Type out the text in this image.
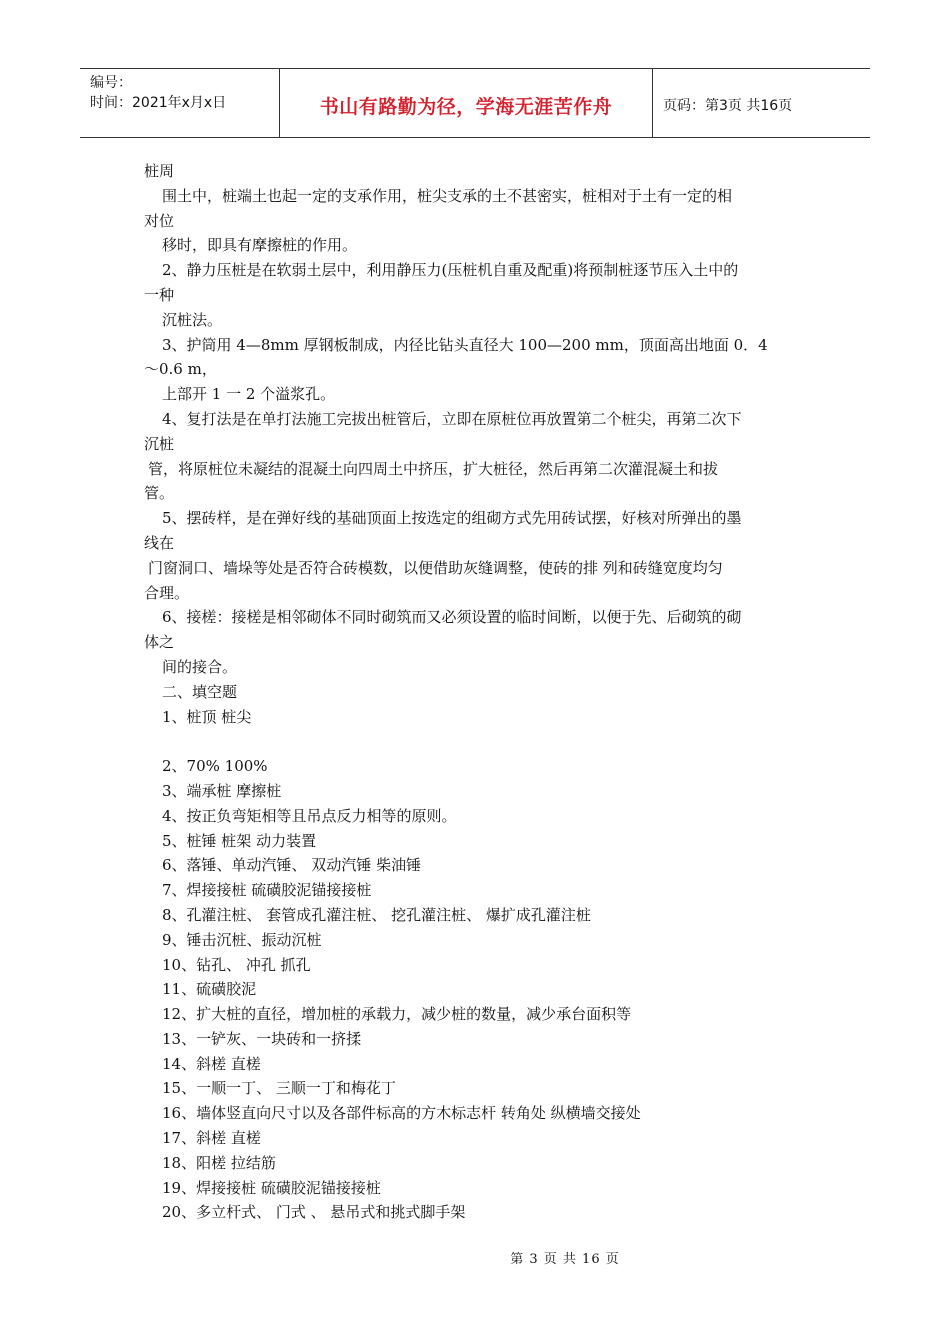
编号：
时间：2021年x月x日	书山有路勤为径，学海无涯苦作舟	页码：第3页 共16页
桩周
围土中，桩端土也起一定的支承作用，桩尖支承的土不甚密实，桩相对于土有一定的相
对位
移时，即具有摩擦桩的作用。
2、静力压桩是在软弱土层中，利用静压力(压桩机自重及配重)将预制桩逐节压入土中的
一种
沉桩法。
3、护筒用 4—8mm 厚钢板制成，内径比钻头直径大 100—200 mm，顶面高出地面 0．4
～0.6 m，
上部开 1 一 2 个溢浆孔。
4、复打法是在单打法施工完拔出桩管后，立即在原桩位再放置第二个桩尖，再第二次下
沉桩
管，将原桩位未凝结的混凝土向四周土中挤压，扩大桩径，然后再第二次灌混凝土和拔
管。
5、摆砖样，是在弹好线的基础顶面上按选定的组砌方式先用砖试摆，好核对所弹出的墨
线在
门窗洞口、墙垛等处是否符合砖模数，以便借助灰缝调整，使砖的排 列和砖缝宽度均匀
合理。
6、接槎：接槎是相邻砌体不同时砌筑而又必须设置的临时间断，以便于先、后砌筑的砌
体之
间的接合。
二、填空题
1、桩顶 桩尖
2、70% 100%
3、端承桩 摩擦桩
4、按正负弯矩相等且吊点反力相等的原则。
5、桩锤 桩架 动力装置
6、落锤、单动汽锤、 双动汽锤 柴油锤
7、焊接接桩 硫磺胶泥锚接接桩
8、孔灌注桩、 套管成孔灌注桩、 挖孔灌注桩、 爆扩成孔灌注桩
9、锤击沉桩、振动沉桩
10、钻孔、 冲孔 抓孔
11、硫磺胶泥
12、扩大桩的直径，增加桩的承载力，减少桩的数量，减少承台面积等
13、一铲灰、一块砖和一挤揉
14、斜槎 直槎
15、一顺一丁、 三顺一丁和梅花丁
16、墙体竖直向尺寸以及各部件标高的方木标志杆 转角处 纵横墙交接处
17、斜槎 直槎
18、阳槎 拉结筋
19、焊接接桩 硫磺胶泥锚接接桩
20、多立杆式、 门式 、 悬吊式和挑式脚手架
第 3 页 共 16 页
